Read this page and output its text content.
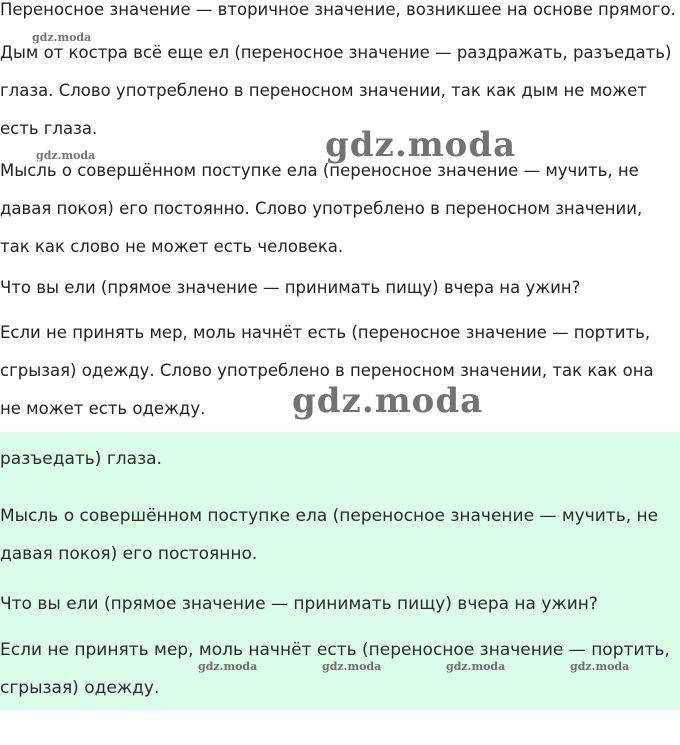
Переносное значение — вторичное значение, возникшее на основе прямого.

Дым от костра всё еще ел (переносное значение — раздражать, разъедать) глаза. Слово употреблено в переносном значении, так как дым не может есть глаза.

Мысль о совершённом поступке ела (переносное значение — мучить, не давая покоя) его постоянно. Слово употреблено в переносном значении, так как слово не может есть человека.

Что вы ели (прямое значение — принимать пищу) вчера на ужин?

Если не принять мер, моль начнёт есть (переносное значение — портить, сгрызая) одежду. Слово употреблено в переносном значении, так как она не может есть одежду.

разъедать) глаза.

Мысль о совершённом поступке ела (переносное значение — мучить, не давая покоя) его постоянно.

Что вы ели (прямое значение — принимать пищу) вчера на ужин?

Если не принять мер, моль начнёт есть (переносное значение — портить, сгрызая) одежду.

gdz.moda
gdz.moda	gdz.moda
gdz.moda
gdz.moda	gdz.moda	gdz.moda	gdz.moda
